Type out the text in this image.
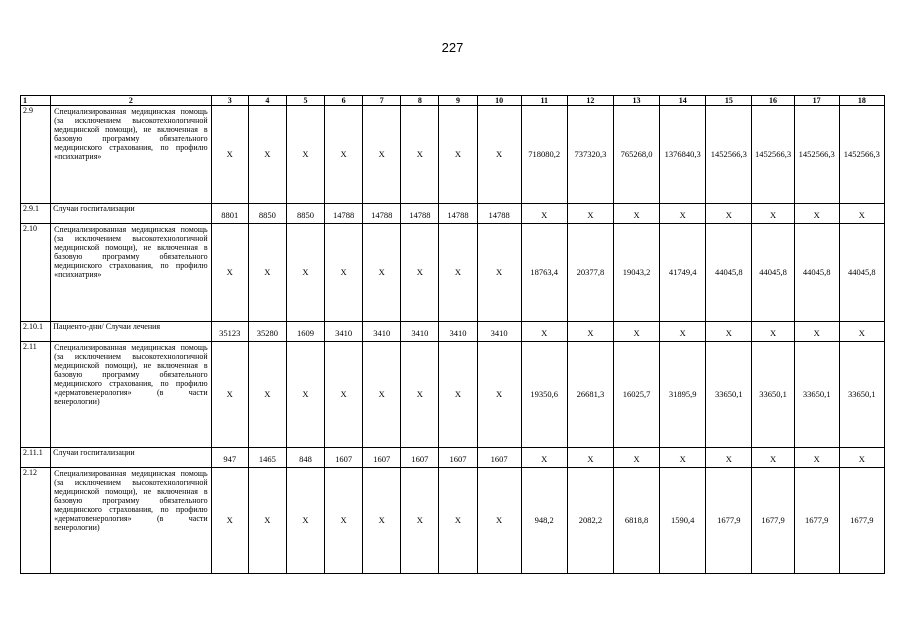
227
1	2	3	4	5	6	7	8	9	10	11	12	13	14	15	16	17	18
2.9	Специализированная медицинская помощь (за исключением высокотехнологичной медицинской помощи), не включенная в базовую программу обязательного медицинского страхования, по профилю «психиатрия»	Х	Х	Х	Х	Х	Х	Х	Х	718080,2	737320,3	765268,0	1376840,3	1452566,3	1452566,3	1452566,3	1452566,3
2.9.1	Случаи госпитализации	8801	8850	8850	14788	14788	14788	14788	14788	Х	Х	Х	Х	Х	Х	Х	Х
2.10	Специализированная медицинская помощь (за исключением высокотехнологичной медицинской помощи), не включенная в базовую программу обязательного медицинского страхования, по профилю «психиатрия»	Х	Х	Х	Х	Х	Х	Х	Х	18763,4	20377,8	19043,2	41749,4	44045,8	44045,8	44045,8	44045,8
2.10.1	Пациенто-дни/ Случаи лечения	35123	35280	1609	3410	3410	3410	3410	3410	Х	Х	Х	Х	Х	Х	Х	Х
2.11	Специализированная медицинская помощь (за исключением высокотехнологичной медицинской помощи), не включенная в базовую программу обязательного медицинского страхования, по профилю «дерматовенерология» (в части венерологии)	Х	Х	Х	Х	Х	Х	Х	Х	19350,6	26681,3	16025,7	31895,9	33650,1	33650,1	33650,1	33650,1
2.11.1	Случаи госпитализации	947	1465	848	1607	1607	1607	1607	1607	Х	Х	Х	Х	Х	Х	Х	Х
2.12	Специализированная медицинская помощь (за исключением высокотехнологичной медицинской помощи), не включенная в базовую программу обязательного медицинского страхования, по профилю «дерматовенерология» (в части венерологии)	Х	Х	Х	Х	Х	Х	Х	Х	948,2	2082,2	6818,8	1590,4	1677,9	1677,9	1677,9	1677,9
